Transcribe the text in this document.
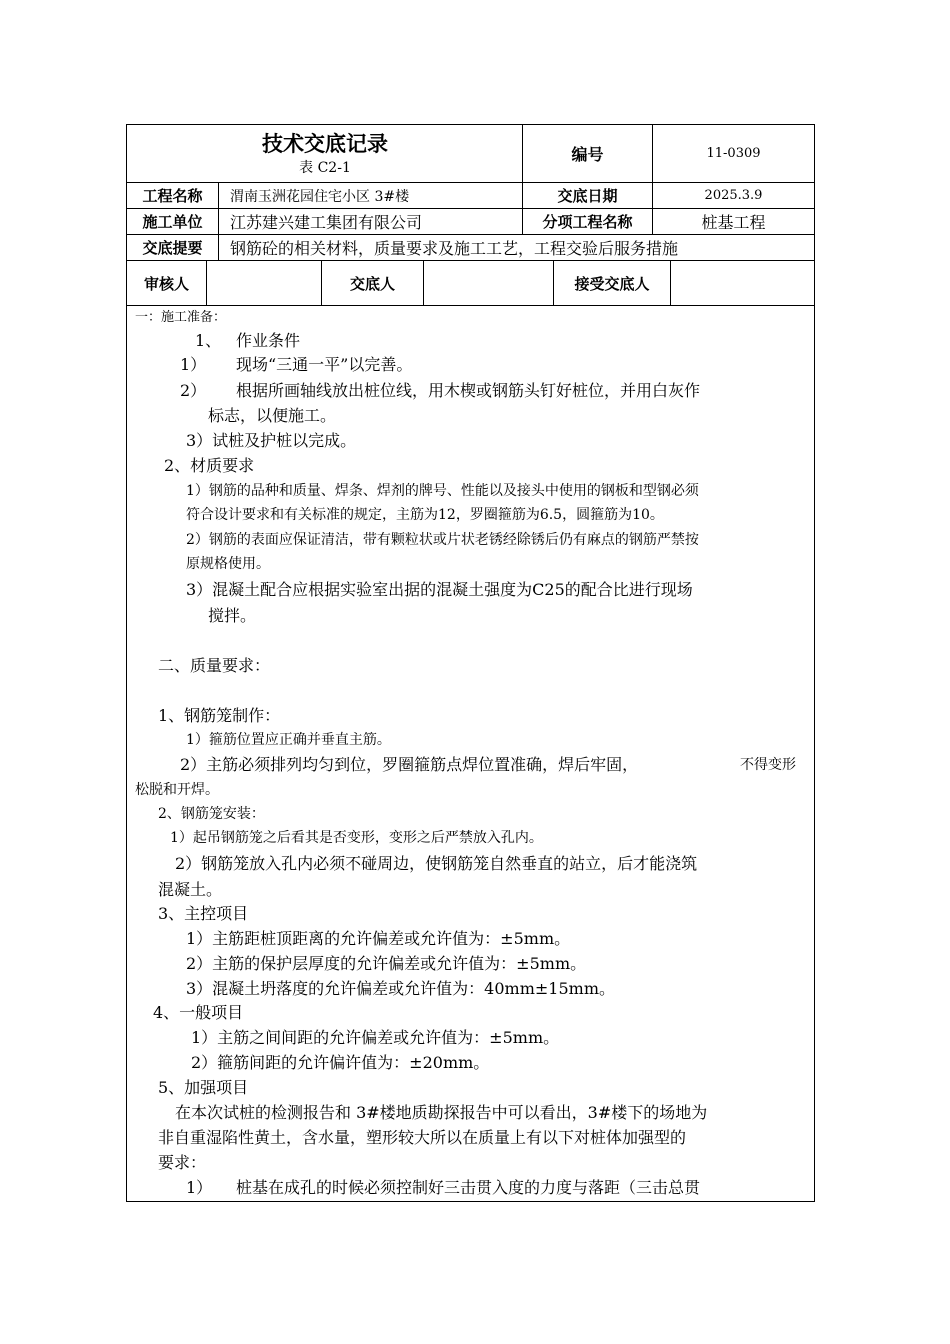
技术交底记录
表 C2-1
编号	11-0309
工程名称	渭南玉洲花园住宅小区 3#楼	交底日期	2025.3.9
施工单位	江苏建兴建工集团有限公司	分项工程名称	桩基工程
交底提要	钢筋砼的相关材料，质量要求及施工工艺，工程交验后服务措施
审核人	交底人	接受交底人
一：施工准备：
1、 作业条件
1） 现场“三通一平”以完善。
2） 根据所画轴线放出桩位线，用木楔或钢筋头钉好桩位，并用白灰作
标志，以便施工。
3）试桩及护桩以完成。
2、材质要求
1）钢筋的品种和质量、焊条、焊剂的牌号、性能以及接头中使用的钢板和型钢必须
符合设计要求和有关标准的规定，主筋为12，罗圈箍筋为6.5，圆箍筋为10。
2）钢筋的表面应保证清洁，带有颗粒状或片状老锈经除锈后仍有麻点的钢筋严禁按
原规格使用。
3）混凝土配合应根据实验室出据的混凝土强度为C25的配合比进行现场
搅拌。
二、质量要求：
1、钢筋笼制作：
1）箍筋位置应正确并垂直主筋。
2）主筋必须排列均匀到位，罗圈箍筋点焊位置准确，焊后牢固，	不得变形
松脱和开焊。
2、钢筋笼安装：
1）起吊钢筋笼之后看其是否变形，变形之后严禁放入孔内。
2）钢筋笼放入孔内必须不碰周边，使钢筋笼自然垂直的站立，后才能浇筑
混凝土。
3、主控项目
1）主筋距桩顶距离的允许偏差或允许值为：±5mm。
2）主筋的保护层厚度的允许偏差或允许值为：±5mm。
3）混凝土坍落度的允许偏差或允许值为：40mm±15mm。
4、一般项目
1）主筋之间间距的允许偏差或允许值为：±5mm。
2）箍筋间距的允许偏许值为：±20mm。
5、加强项目
在本次试桩的检测报告和 3#楼地质勘探报告中可以看出，3#楼下的场地为
非自重湿陷性黄土，含水量，塑形较大所以在质量上有以下对桩体加强型的
要求：
1） 桩基在成孔的时候必须控制好三击贯入度的力度与落距（三击总贯
